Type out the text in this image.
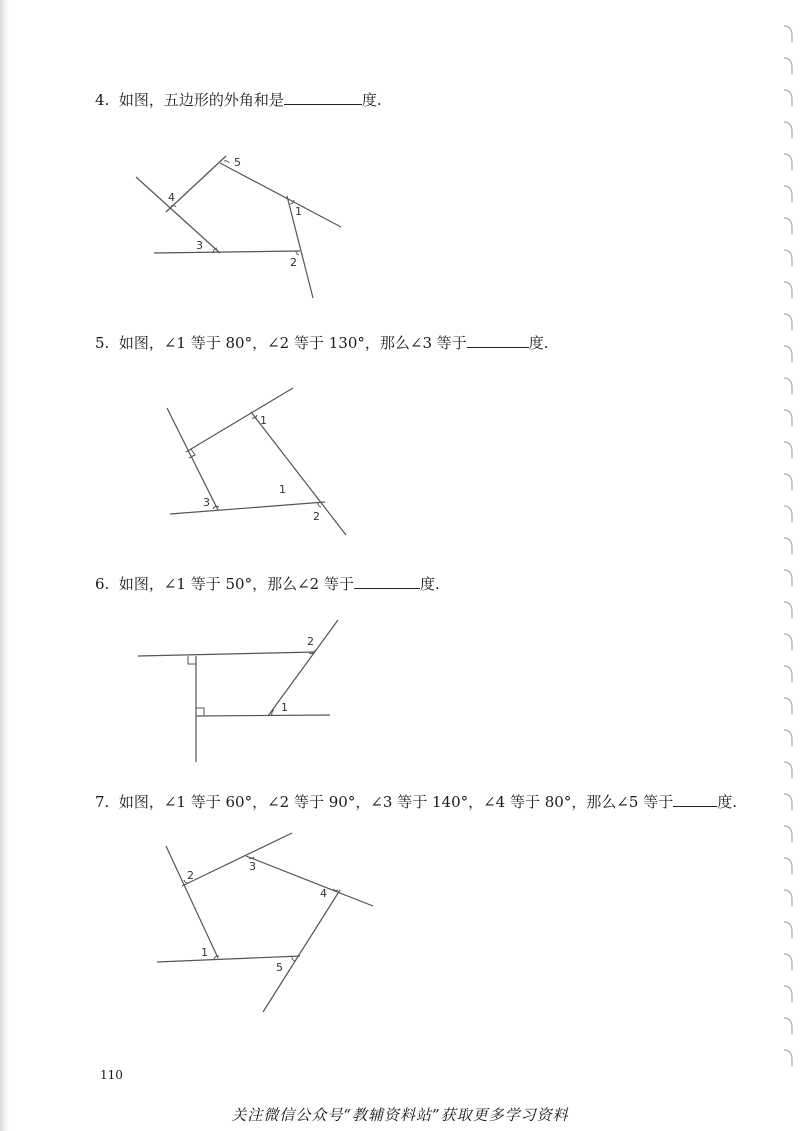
4.  如图，五边形的外角和是	度.
5
4
1
3
2
5.  如图，∠1 等于 80°，∠2 等于 130°，那么∠3 等于	度.
1
3
1
2
6.  如图，∠1 等于 50°，那么∠2 等于	度.
2
1
7.  如图，∠1 等于 60°，∠2 等于 90°，∠3 等于 140°，∠4 等于 80°，那么∠5 等于	度.
2
3
4
1
5
110
关注微信公众号“教辅资料站”获取更多学习资料
